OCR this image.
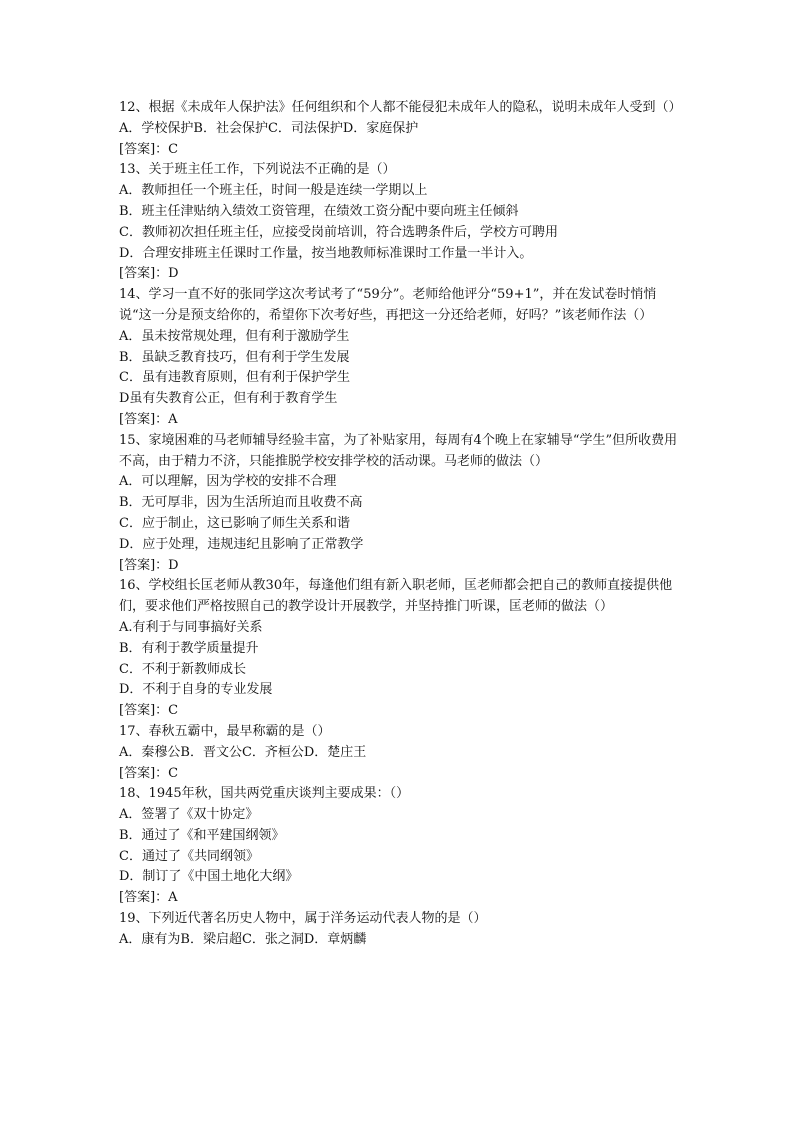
12、根据《未成年人保护法》任何组织和个人都不能侵犯未成年人的隐私，说明未成年人受到（）
A．学校保护B．社会保护C．司法保护D．家庭保护
[答案]：C
13、关于班主任工作，下列说法不正确的是（）
A．教师担任一个班主任，时间一般是连续一学期以上
B．班主任津贴纳入绩效工资管理，在绩效工资分配中要向班主任倾斜
C．教师初次担任班主任，应接受岗前培训，符合选聘条件后，学校方可聘用
D．合理安排班主任课时工作量，按当地教师标准课时工作量一半计入。
[答案]：D
14、学习一直不好的张同学这次考试考了“59分”。老师给他评分“59+1”，并在发试卷时悄悄说“这一分是预支给你的，希望你下次考好些，再把这一分还给老师，好吗？”该老师作法（）
A．虽未按常规处理，但有利于激励学生
B．虽缺乏教育技巧，但有利于学生发展
C．虽有违教育原则，但有利于保护学生
D虽有失教育公正，但有利于教育学生
[答案]：A
15、家境困难的马老师辅导经验丰富，为了补贴家用，每周有4个晚上在家辅导“学生”但所收费用不高，由于精力不济，只能推脱学校安排学校的活动课。马老师的做法（）
A．可以理解，因为学校的安排不合理
B．无可厚非，因为生活所迫而且收费不高
C．应于制止，这已影响了师生关系和谐
D．应于处理，违规违纪且影响了正常教学
[答案]：D
16、学校组长匡老师从教30年，每逢他们组有新入职老师，匡老师都会把自己的教师直接提供他们，要求他们严格按照自己的教学设计开展教学，并坚持推门听课，匡老师的做法（）
A.有利于与同事搞好关系
B．有利于教学质量提升
C．不利于新教师成长
D．不利于自身的专业发展
[答案]：C
17、春秋五霸中，最早称霸的是（）
A．秦穆公B．晋文公C．齐桓公D．楚庄王
[答案]：C
18、1945年秋，国共两党重庆谈判主要成果：（）
A．签署了《双十协定》
B．通过了《和平建国纲领》
C．通过了《共同纲领》
D．制订了《中国土地化大纲》
[答案]：A
19、下列近代著名历史人物中，属于洋务运动代表人物的是（）
A．康有为B．梁启超C．张之洞D．章炳麟
